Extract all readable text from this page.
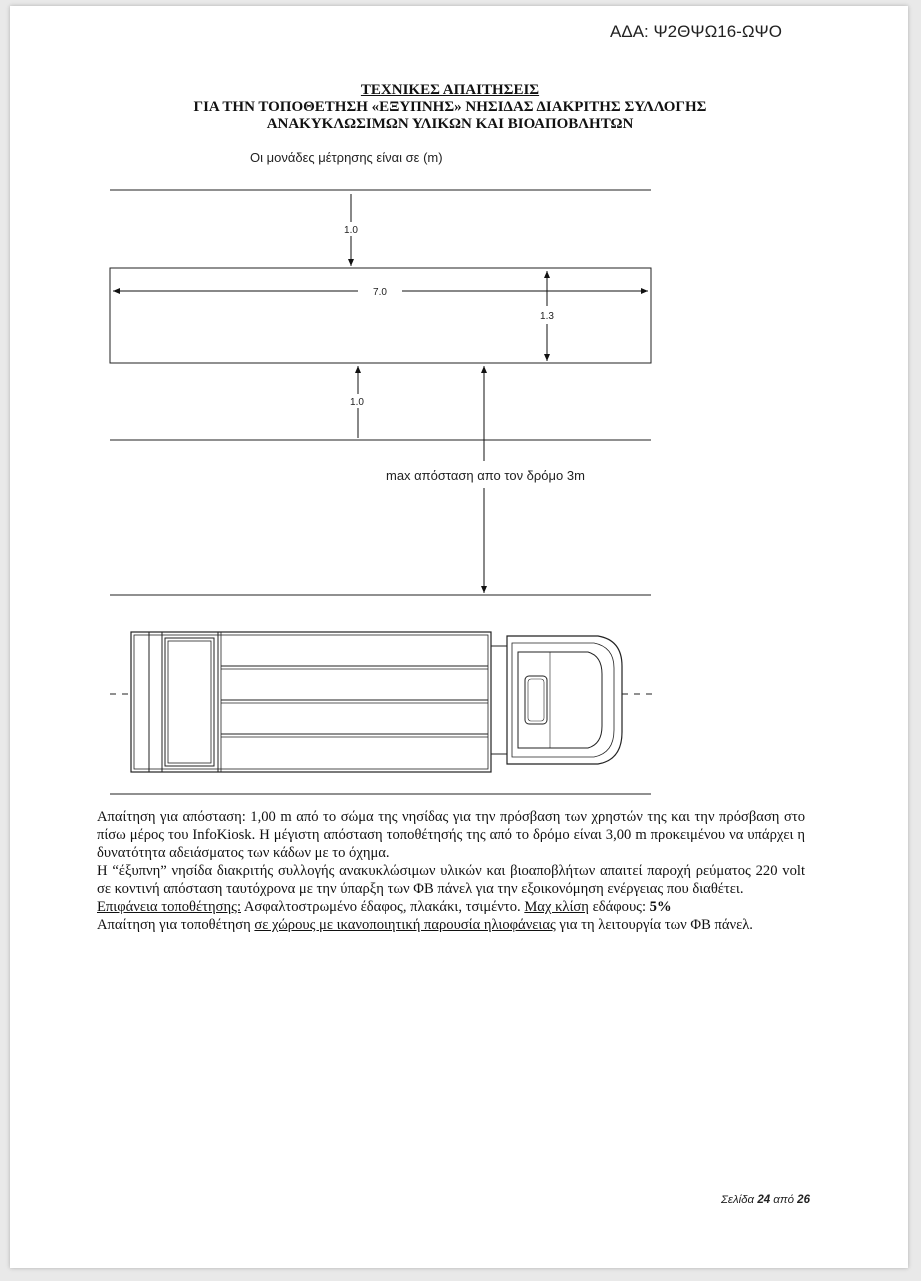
ΑΔΑ: Ψ2ΘΨΩ16-ΩΨΟ
ΤΕΧΝΙΚΕΣ ΑΠΑΙΤΗΣΕΙΣ
ΓΙΑ ΤΗΝ ΤΟΠΟΘΕΤΗΣΗ «ΕΞΥΠΝΗΣ» ΝΗΣΙΔΑΣ ΔΙΑΚΡΙΤΗΣ ΣΥΛΛΟΓΗΣ
ΑΝΑΚΥΚΛΩΣΙΜΩΝ ΥΛΙΚΩΝ ΚΑΙ ΒΙΟΑΠΟΒΛΗΤΩΝ
Οι μονάδες μέτρησης είναι σε (m)
1.0
7.0
1.3
1.0
max απόσταση απο τον δρόμο 3m

Απαίτηση για απόσταση: 1,00 m από το σώμα της νησίδας για την πρόσβαση των χρηστών της και την πρόσβαση στο πίσω μέρος του InfoKiosk. Η μέγιστη απόσταση τοποθέτησής της από το δρόμο είναι 3,00 m προκειμένου να υπάρχει η δυνατότητα αδειάσματος των κάδων με το όχημα.

Η “έξυπνη” νησίδα διακριτής συλλογής ανακυκλώσιμων υλικών και βιοαποβλήτων απαιτεί παροχή ρεύματος 220 volt σε κοντινή απόσταση ταυτόχρονα με την ύπαρξη των ΦΒ πάνελ για την εξοικονόμηση ενέργειας που διαθέτει.

Επιφάνεια τοποθέτησης: Ασφαλτοστρωμένο έδαφος, πλακάκι, τσιμέντο. Μαχ κλίση εδάφους: 5%

Απαίτηση για τοποθέτηση σε χώρους με ικανοποιητική παρουσία ηλιοφάνειας για τη λειτουργία των ΦΒ πάνελ.

Σελίδα 24 από 26
